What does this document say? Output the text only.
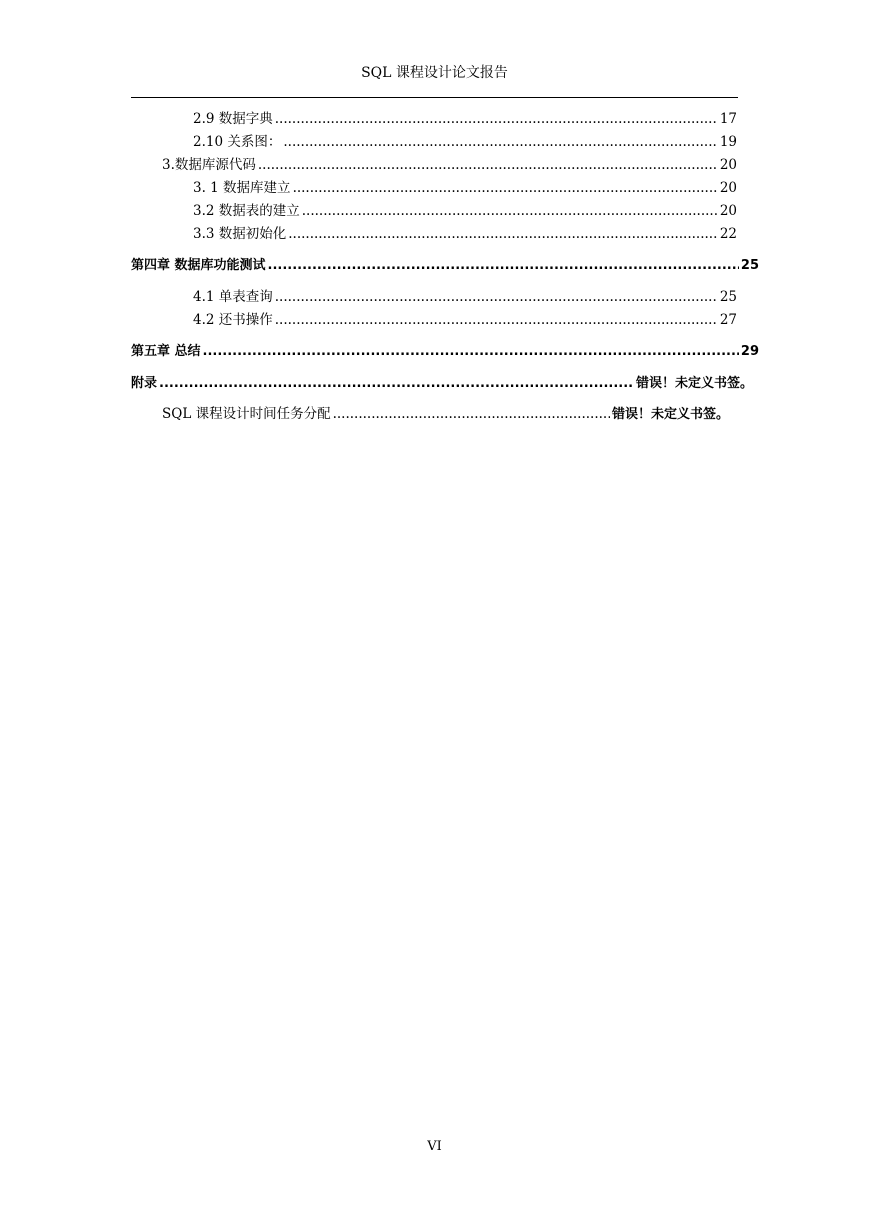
SQL 课程设计论文报告
2.9 数据字典 .....	17
2.10 关系图： .....	19
3.数据库源代码 .....	20
3. 1 数据库建立 .....	20
3.2 数据表的建立 .....	20
3.3 数据初始化 .....	22
第四章 数据库功能测试 .....	25
4.1 单表查询 .....	25
4.2 还书操作 .....	27
第五章 总结 .....	29
附录 .....	错误！未定义书签。
SQL 课程设计时间任务分配 .....	错误！未定义书签。
VI
